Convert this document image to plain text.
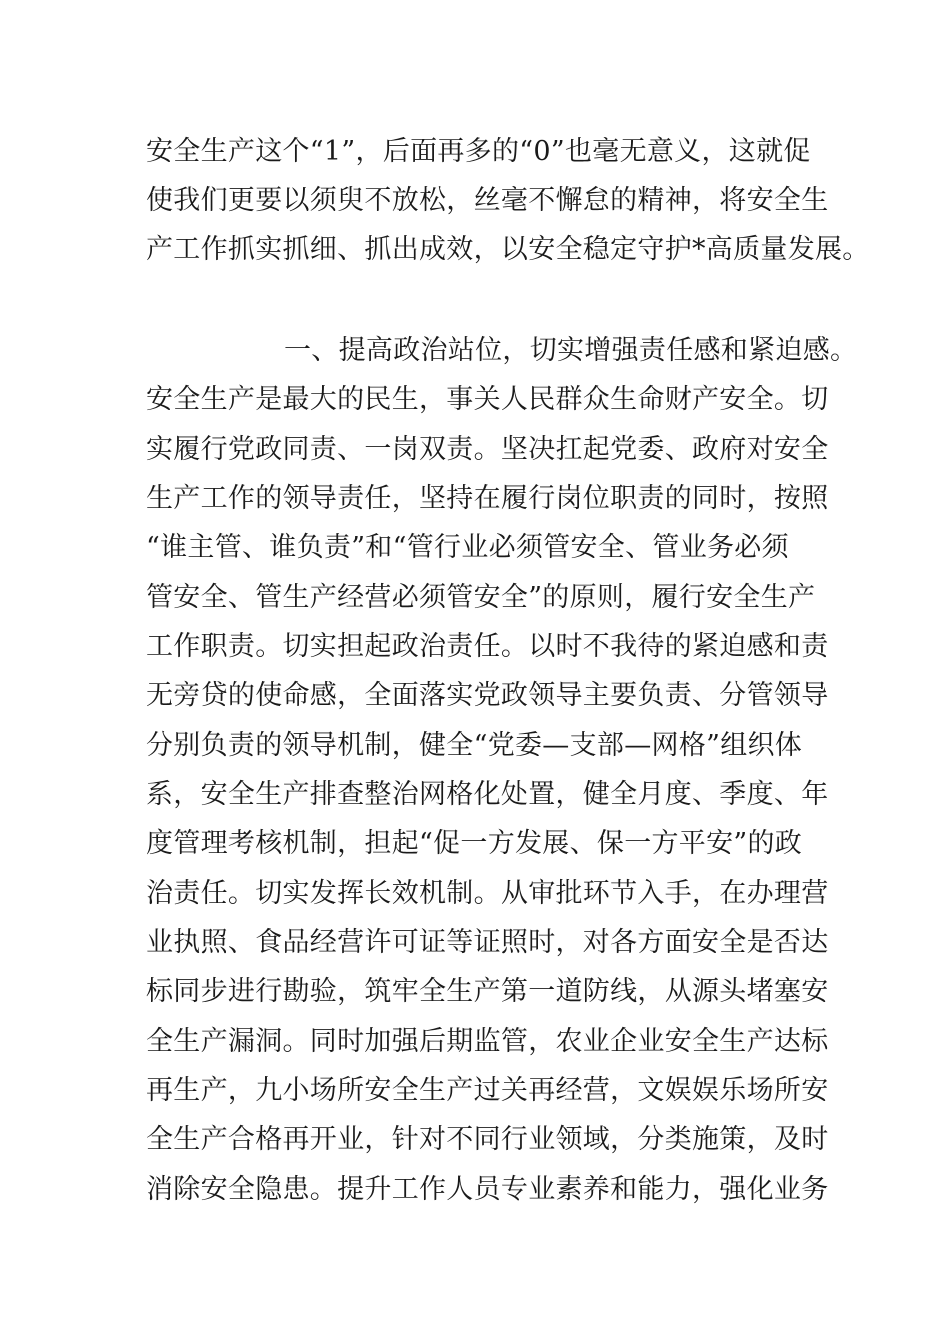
安全生产这个“1”，后面再多的“0”也毫无意义，这就促
使我们更要以须臾不放松，丝毫不懈怠的精神，将安全生
产工作抓实抓细、抓出成效，以安全稳定守护*高质量发展。
一、提高政治站位，切实增强责任感和紧迫感。
安全生产是最大的民生，事关人民群众生命财产安全。切
实履行党政同责、一岗双责。坚决扛起党委、政府对安全
生产工作的领导责任，坚持在履行岗位职责的同时，按照
“谁主管、谁负责”和“管行业必须管安全、管业务必须
管安全、管生产经营必须管安全”的原则，履行安全生产
工作职责。切实担起政治责任。以时不我待的紧迫感和责
无旁贷的使命感，全面落实党政领导主要负责、分管领导
分别负责的领导机制，健全“党委—支部—网格”组织体
系，安全生产排查整治网格化处置，健全月度、季度、年
度管理考核机制，担起“促一方发展、保一方平安”的政
治责任。切实发挥长效机制。从审批环节入手，在办理营
业执照、食品经营许可证等证照时，对各方面安全是否达
标同步进行勘验，筑牢全生产第一道防线，从源头堵塞安
全生产漏洞。同时加强后期监管，农业企业安全生产达标
再生产，九小场所安全生产过关再经营，文娱娱乐场所安
全生产合格再开业，针对不同行业领域，分类施策，及时
消除安全隐患。提升工作人员专业素养和能力，强化业务
